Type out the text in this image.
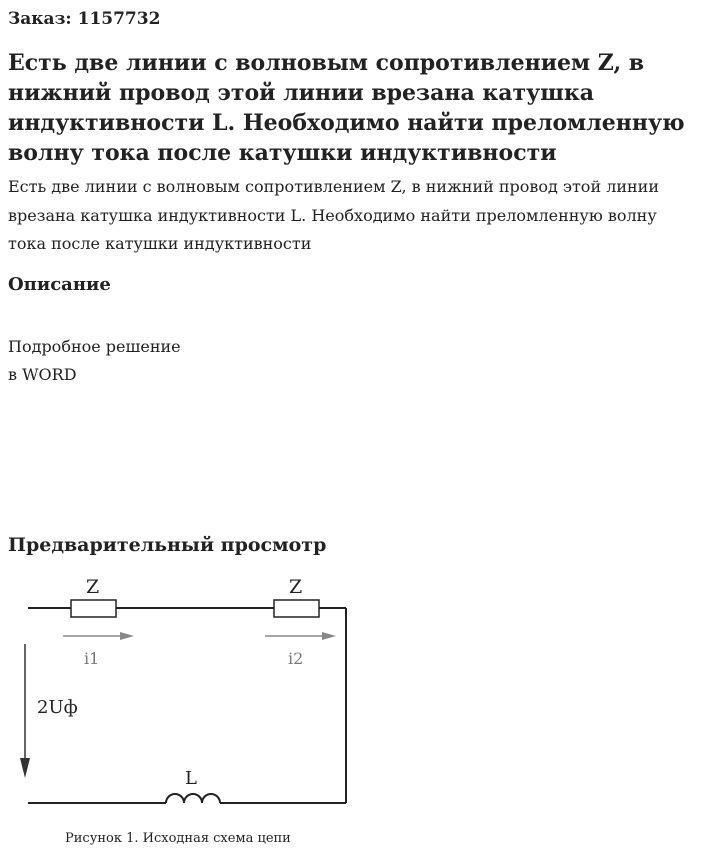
Заказ: 1157732
Есть две линии с волновым сопротивлением Z, в нижний провод этой линии врезана катушка индуктивности L. Необходимо найти преломленную волну тока после катушки индуктивности

Есть две линии с волновым сопротивлением Z, в нижний провод этой линии врезана катушка индуктивности L. Необходимо найти преломленную волну тока после катушки индуктивности

Описание
Подробное решение
в WORD
Предварительный просмотр
Z	Z
i1	i2
2Uф
L
Рисунок 1. Исходная схема цепи
